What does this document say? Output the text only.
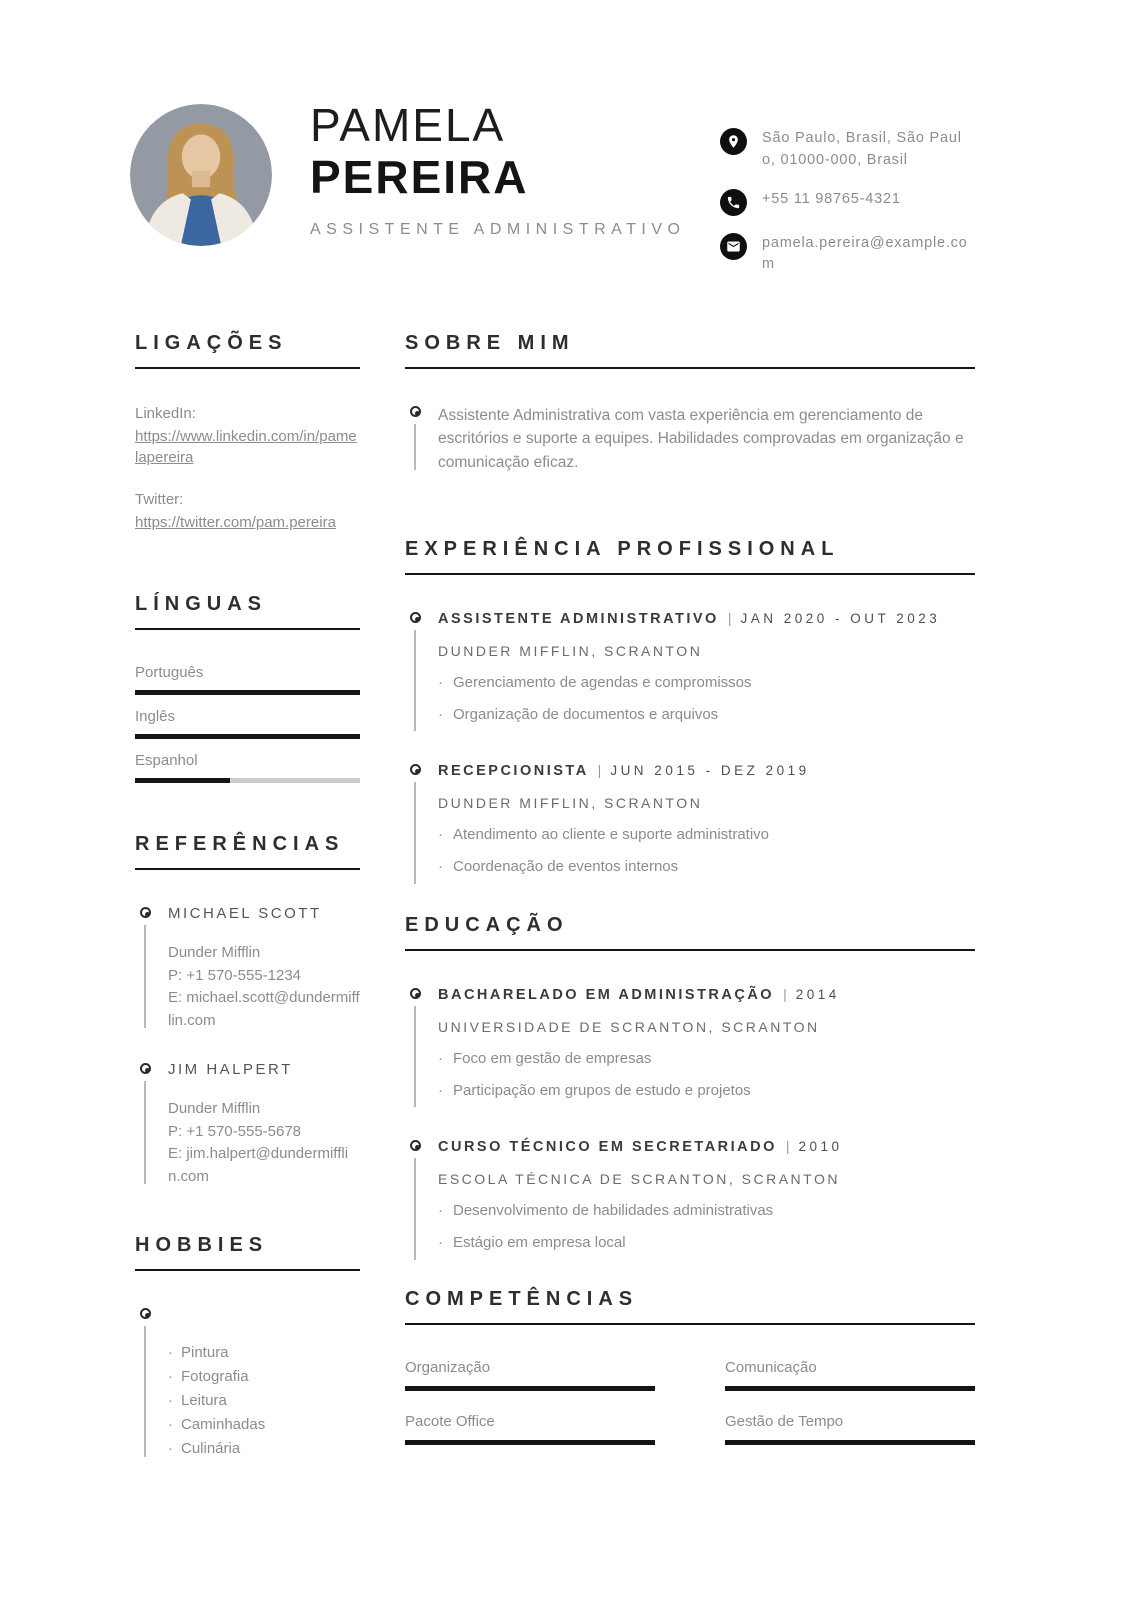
PAMELA
PEREIRA
ASSISTENTE ADMINISTRATIVO
São Paulo, Brasil, São Paulo, 01000-000, Brasil
+55 11 98765-4321
pamela.pereira@example.com
LIGAÇÕES
LinkedIn:
https://www.linkedin.com/in/pamelapereira
Twitter:
https://twitter.com/pam.pereira
LÍNGUAS
Português
Inglês
Espanhol
REFERÊNCIAS
MICHAEL SCOTT
Dunder Mifflin
P: +1 570-555-1234
E: michael.scott@dundermifflin.com
JIM HALPERT
Dunder Mifflin
P: +1 570-555-5678
E: jim.halpert@dundermifflin.com
HOBBIES
· Pintura
· Fotografia
· Leitura
· Caminhadas
· Culinária
SOBRE MIM

Assistente Administrativa com vasta experiência em gerenciamento de escritórios e suporte a equipes. Habilidades comprovadas em organização e comunicação eficaz.

EXPERIÊNCIA PROFISSIONAL
ASSISTENTE ADMINISTRATIVO | JAN 2020 - OUT 2023
DUNDER MIFFLIN, SCRANTON
· Gerenciamento de agendas e compromissos
· Organização de documentos e arquivos
RECEPCIONISTA | JUN 2015 - DEZ 2019
DUNDER MIFFLIN, SCRANTON
· Atendimento ao cliente e suporte administrativo
· Coordenação de eventos internos
EDUCAÇÃO
BACHARELADO EM ADMINISTRAÇÃO | 2014
UNIVERSIDADE DE SCRANTON, SCRANTON
· Foco em gestão de empresas
· Participação em grupos de estudo e projetos
CURSO TÉCNICO EM SECRETARIADO | 2010
ESCOLA TÉCNICA DE SCRANTON, SCRANTON
· Desenvolvimento de habilidades administrativas
· Estágio em empresa local
COMPETÊNCIAS
Organização	Comunicação
Pacote Office	Gestão de Tempo
